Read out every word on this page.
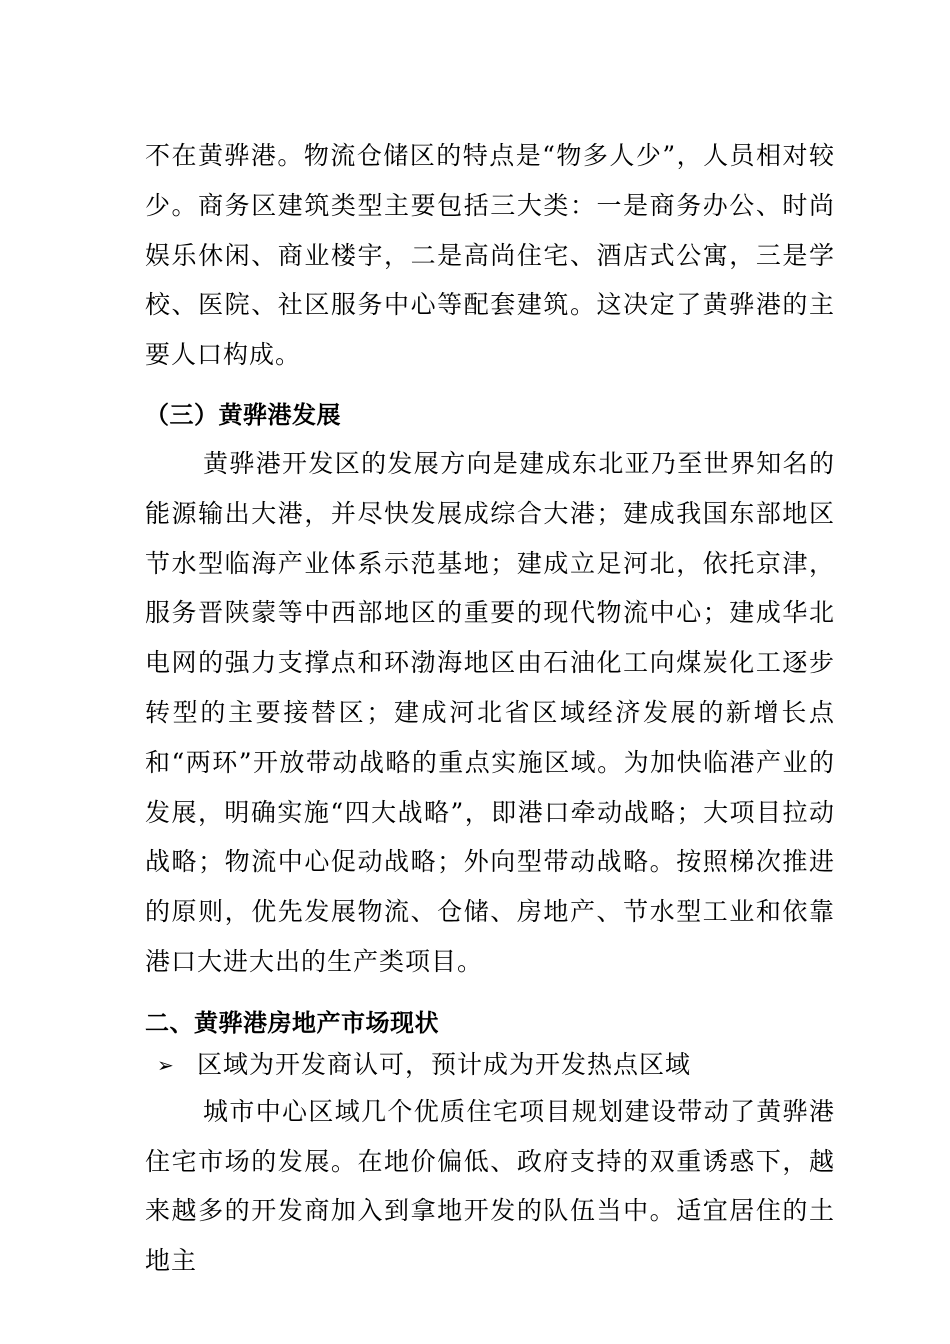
不在黄骅港。物流仓储区的特点是“物多人少”，人员相对较少。商务区建筑类型主要包括三大类：一是商务办公、时尚娱乐休闲、商业楼宇，二是高尚住宅、酒店式公寓，三是学校、医院、社区服务中心等配套建筑。这决定了黄骅港的主要人口构成。

（三）黄骅港发展

黄骅港开发区的发展方向是建成东北亚乃至世界知名的能源输出大港，并尽快发展成综合大港；建成我国东部地区节水型临海产业体系示范基地；建成立足河北，依托京津，服务晋陕蒙等中西部地区的重要的现代物流中心；建成华北电网的强力支撑点和环渤海地区由石油化工向煤炭化工逐步转型的主要接替区；建成河北省区域经济发展的新增长点和“两环”开放带动战略的重点实施区域。为加快临港产业的发展，明确实施“四大战略”，即港口牵动战略；大项目拉动战略；物流中心促动战略；外向型带动战略。按照梯次推进的原则，优先发展物流、仓储、房地产、节水型工业和依靠港口大进大出的生产类项目。

二、黄骅港房地产市场现状
➢ 区域为开发商认可，预计成为开发热点区域

城市中心区域几个优质住宅项目规划建设带动了黄骅港住宅市场的发展。在地价偏低、政府支持的双重诱惑下，越来越多的开发商加入到拿地开发的队伍当中。适宜居住的土地主
